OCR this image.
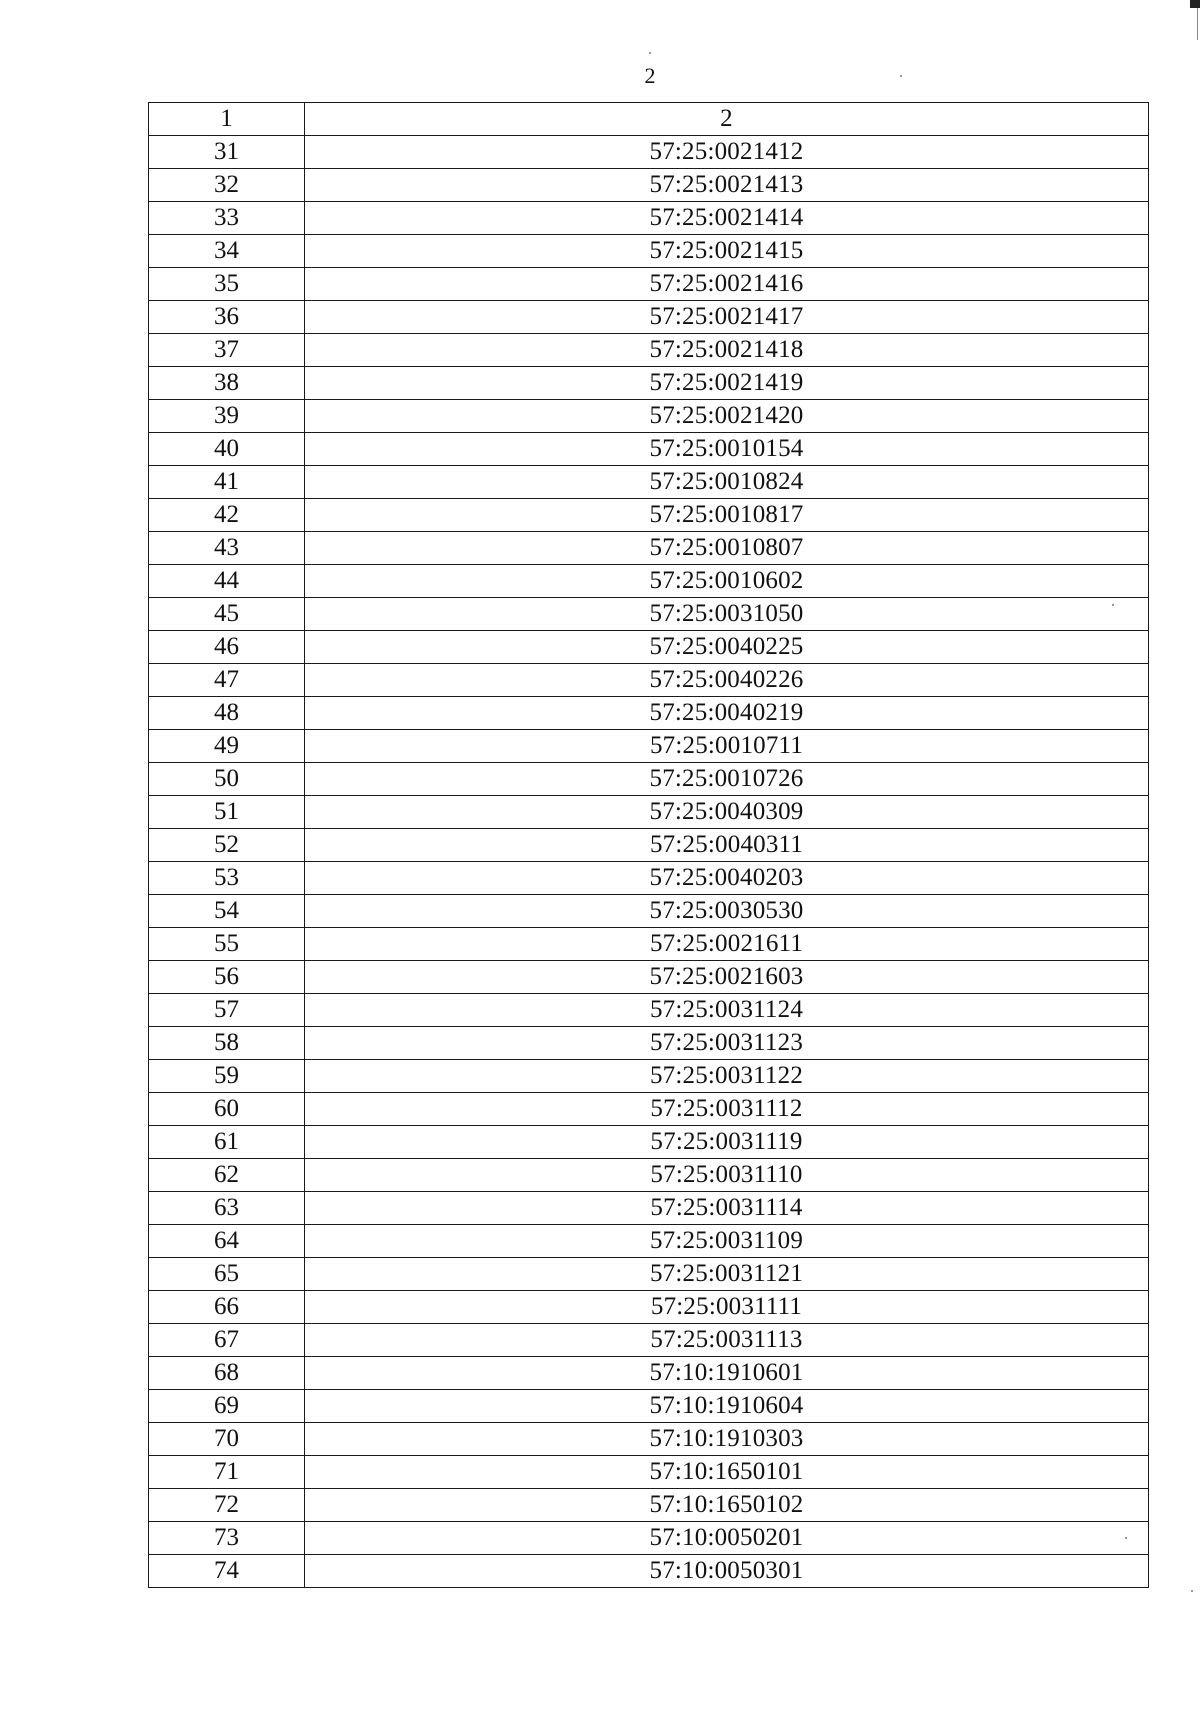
2
1	2
31	57:25:0021412
32	57:25:0021413
33	57:25:0021414
34	57:25:0021415
35	57:25:0021416
36	57:25:0021417
37	57:25:0021418
38	57:25:0021419
39	57:25:0021420
40	57:25:0010154
41	57:25:0010824
42	57:25:0010817
43	57:25:0010807
44	57:25:0010602
45	57:25:0031050
46	57:25:0040225
47	57:25:0040226
48	57:25:0040219
49	57:25:0010711
50	57:25:0010726
51	57:25:0040309
52	57:25:0040311
53	57:25:0040203
54	57:25:0030530
55	57:25:0021611
56	57:25:0021603
57	57:25:0031124
58	57:25:0031123
59	57:25:0031122
60	57:25:0031112
61	57:25:0031119
62	57:25:0031110
63	57:25:0031114
64	57:25:0031109
65	57:25:0031121
66	57:25:0031111
67	57:25:0031113
68	57:10:1910601
69	57:10:1910604
70	57:10:1910303
71	57:10:1650101
72	57:10:1650102
73	57:10:0050201
74	57:10:0050301
